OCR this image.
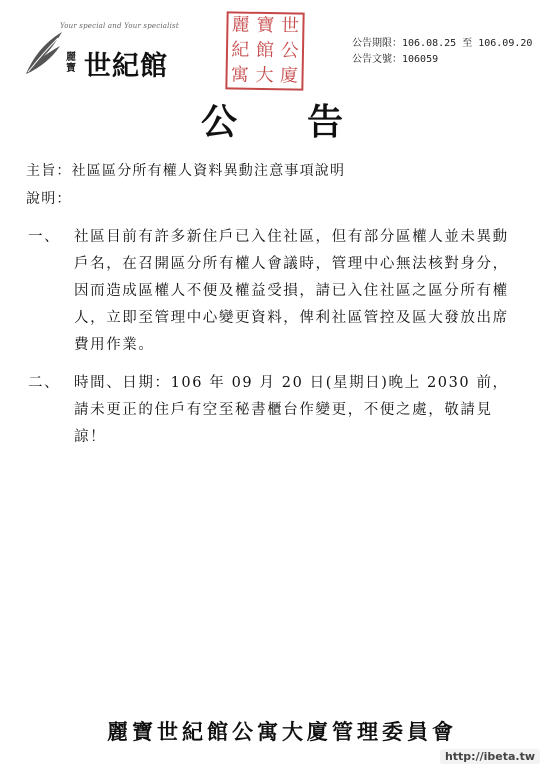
Your special and Your specialist
麗寶 世紀館
麗 寶 世
紀 館 公
寓 大 廈
公告期限：106.08.25 至 106.09.20
公告文號：106059
公告
主旨：社區區分所有權人資料異動注意事項說明
說明：
一、 社區目前有許多新住戶已入住社區，但有部分區權人並未異動戶名，在召開區分所有權人會議時，管理中心無法核對身分，因而造成區權人不便及權益受損，請已入住社區之區分所有權人，立即至管理中心變更資料，俾利社區管控及區大發放出席費用作業。
二、 時間、日期：106 年 09 月 20 日(星期日)晚上 2030 前，請未更正的住戶有空至秘書櫃台作變更，不便之處，敬請見諒！
麗寶世紀館公寓大廈管理委員會
http://ibeta.tw
